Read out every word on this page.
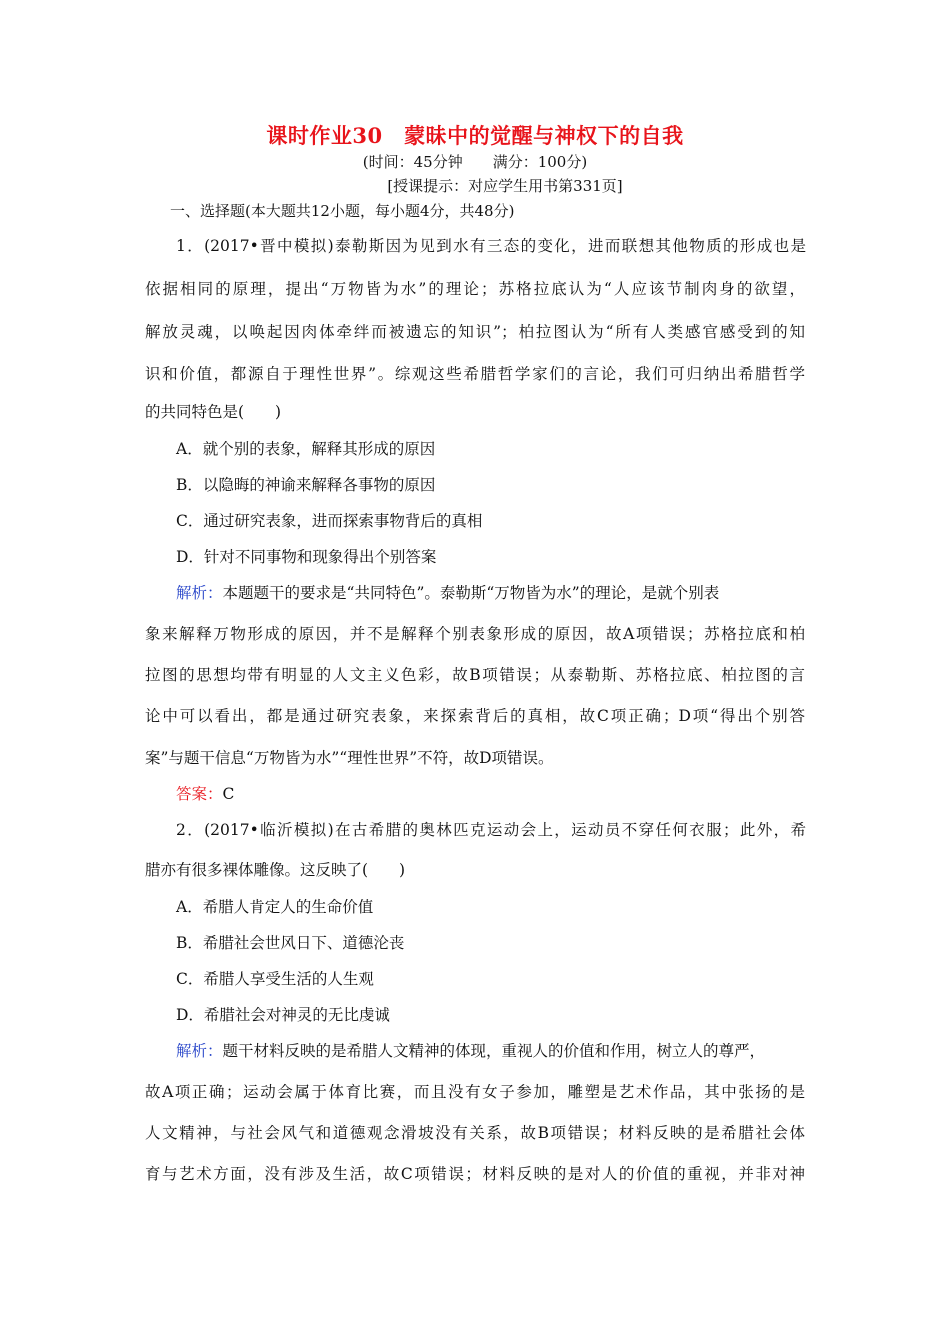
课时作业30　蒙昧中的觉醒与神权下的自我
(时间：45分钟　　满分：100分)
[授课提示：对应学生用书第331页]
一、选择题(本大题共12小题，每小题4分，共48分)
1．(2017•晋中模拟)泰勒斯因为见到水有三态的变化，进而联想其他物质的形成也是
依据相同的原理，提出“万物皆为水”的理论；苏格拉底认为“人应该节制肉身的欲望，
解放灵魂，以唤起因肉体牵绊而被遗忘的知识”；柏拉图认为“所有人类感官感受到的知
识和价值，都源自于理性世界”。综观这些希腊哲学家们的言论，我们可归纳出希腊哲学
的共同特色是(　　)
A．就个别的表象，解释其形成的原因
B．以隐晦的神谕来解释各事物的原因
C．通过研究表象，进而探索事物背后的真相
D．针对不同事物和现象得出个别答案
解析：本题题干的要求是“共同特色”。泰勒斯“万物皆为水”的理论，是就个别表
象来解释万物形成的原因，并不是解释个别表象形成的原因，故A项错误；苏格拉底和柏
拉图的思想均带有明显的人文主义色彩，故B项错误；从泰勒斯、苏格拉底、柏拉图的言
论中可以看出，都是通过研究表象，来探索背后的真相，故C项正确；D项“得出个别答
案”与题干信息“万物皆为水”“理性世界”不符，故D项错误。
答案：C
2．(2017•临沂模拟)在古希腊的奥林匹克运动会上，运动员不穿任何衣服；此外，希
腊亦有很多裸体雕像。这反映了(　　)
A．希腊人肯定人的生命价值
B．希腊社会世风日下、道德沦丧
C．希腊人享受生活的人生观
D．希腊社会对神灵的无比虔诚
解析：题干材料反映的是希腊人文精神的体现，重视人的价值和作用，树立人的尊严，
故A项正确；运动会属于体育比赛，而且没有女子参加，雕塑是艺术作品，其中张扬的是
人文精神，与社会风气和道德观念滑坡没有关系，故B项错误；材料反映的是希腊社会体
育与艺术方面，没有涉及生活，故C项错误；材料反映的是对人的价值的重视，并非对神
